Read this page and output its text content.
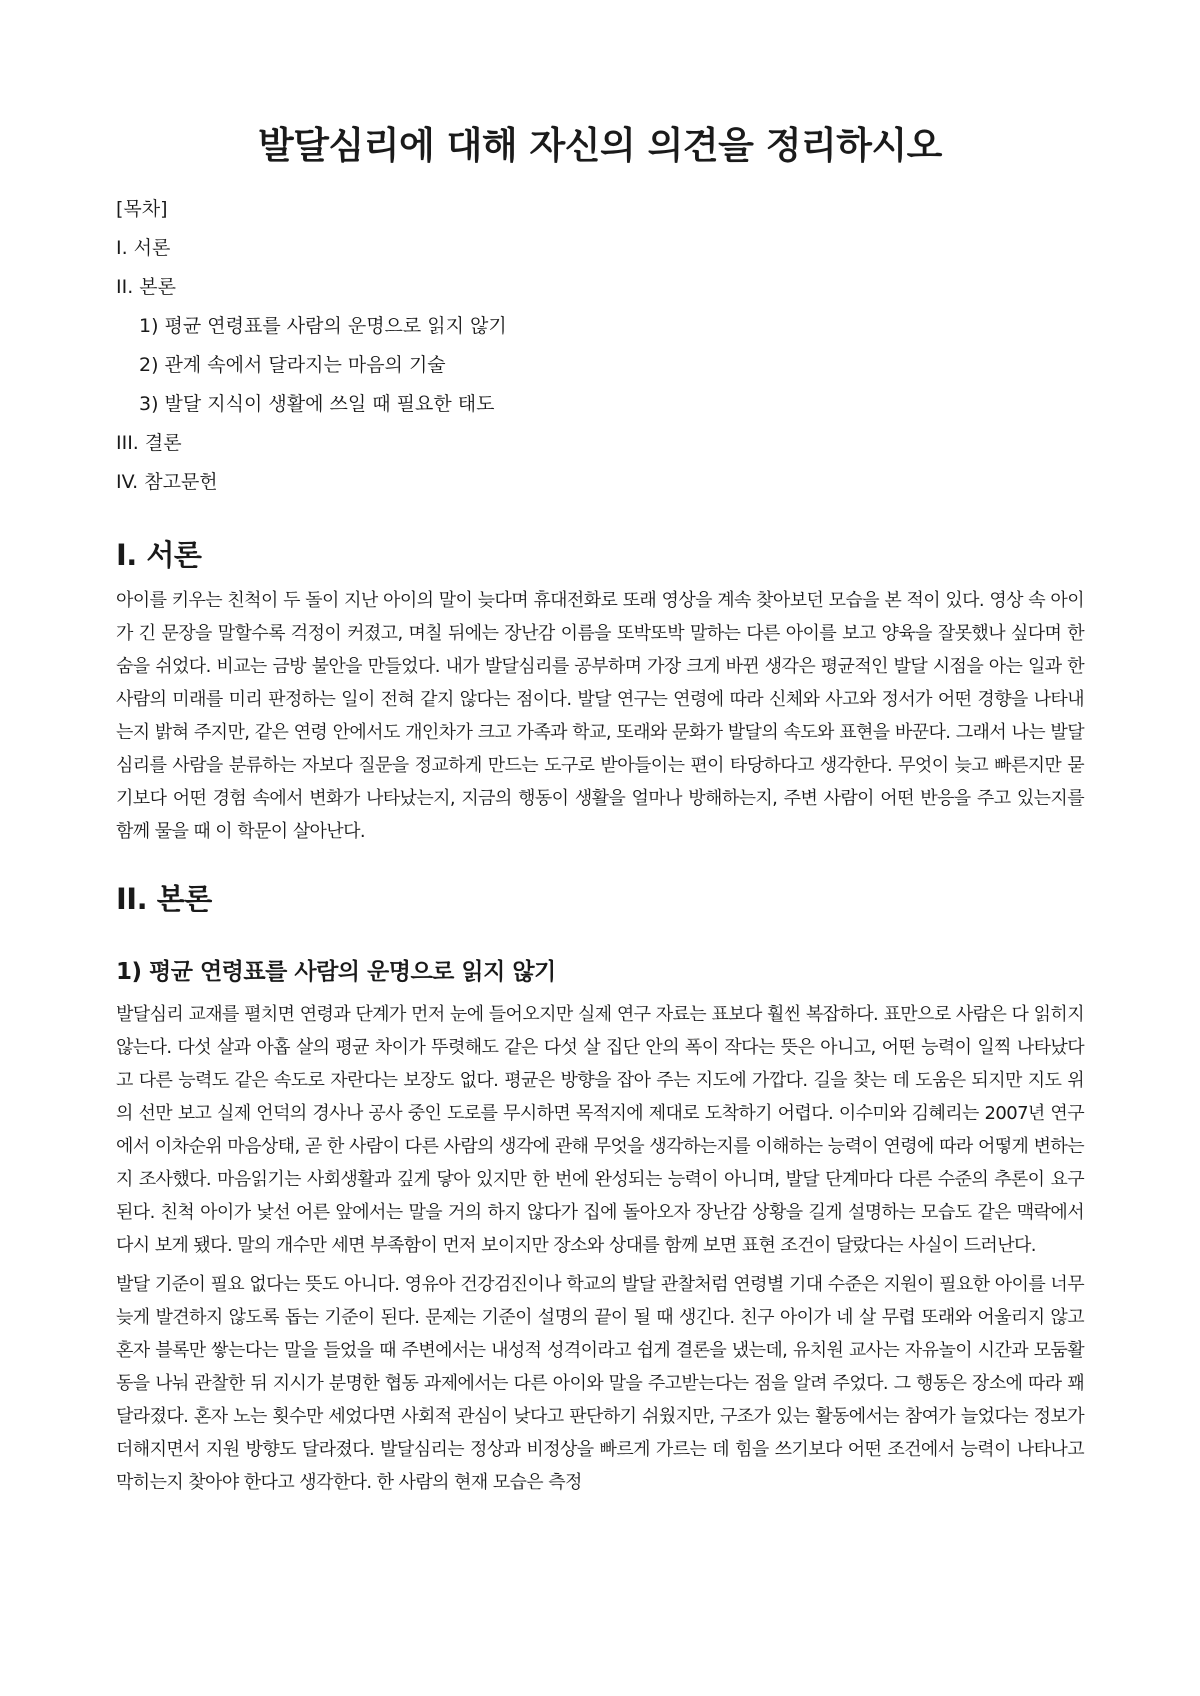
발달심리에 대해 자신의 의견을 정리하시오
[목차]
I. 서론
II. 본론
1) 평균 연령표를 사람의 운명으로 읽지 않기
2) 관계 속에서 달라지는 마음의 기술
3) 발달 지식이 생활에 쓰일 때 필요한 태도
III. 결론
IV. 참고문헌
I. 서론

아이를 키우는 친척이 두 돌이 지난 아이의 말이 늦다며 휴대전화로 또래 영상을 계속 찾아보던 모습을 본 적이 있다. 영상 속 아이가 긴 문장을 말할수록 걱정이 커졌고, 며칠 뒤에는 장난감 이름을 또박또박 말하는 다른 아이를 보고 양육을 잘못했나 싶다며 한숨을 쉬었다. 비교는 금방 불안을 만들었다. 내가 발달심리를 공부하며 가장 크게 바뀐 생각은 평균적인 발달 시점을 아는 일과 한 사람의 미래를 미리 판정하는 일이 전혀 같지 않다는 점이다. 발달 연구는 연령에 따라 신체와 사고와 정서가 어떤 경향을 나타내는지 밝혀 주지만, 같은 연령 안에서도 개인차가 크고 가족과 학교, 또래와 문화가 발달의 속도와 표현을 바꾼다. 그래서 나는 발달심리를 사람을 분류하는 자보다 질문을 정교하게 만드는 도구로 받아들이는 편이 타당하다고 생각한다. 무엇이 늦고 빠른지만 묻기보다 어떤 경험 속에서 변화가 나타났는지, 지금의 행동이 생활을 얼마나 방해하는지, 주변 사람이 어떤 반응을 주고 있는지를 함께 물을 때 이 학문이 살아난다.

II. 본론
1) 평균 연령표를 사람의 운명으로 읽지 않기

발달심리 교재를 펼치면 연령과 단계가 먼저 눈에 들어오지만 실제 연구 자료는 표보다 훨씬 복잡하다. 표만으로 사람은 다 읽히지 않는다. 다섯 살과 아홉 살의 평균 차이가 뚜렷해도 같은 다섯 살 집단 안의 폭이 작다는 뜻은 아니고, 어떤 능력이 일찍 나타났다고 다른 능력도 같은 속도로 자란다는 보장도 없다. 평균은 방향을 잡아 주는 지도에 가깝다. 길을 찾는 데 도움은 되지만 지도 위의 선만 보고 실제 언덕의 경사나 공사 중인 도로를 무시하면 목적지에 제대로 도착하기 어렵다. 이수미와 김혜리는 2007년 연구에서 이차순위 마음상태, 곧 한 사람이 다른 사람의 생각에 관해 무엇을 생각하는지를 이해하는 능력이 연령에 따라 어떻게 변하는지 조사했다. 마음읽기는 사회생활과 깊게 닿아 있지만 한 번에 완성되는 능력이 아니며, 발달 단계마다 다른 수준의 추론이 요구된다. 친척 아이가 낯선 어른 앞에서는 말을 거의 하지 않다가 집에 돌아오자 장난감 상황을 길게 설명하는 모습도 같은 맥락에서 다시 보게 됐다. 말의 개수만 세면 부족함이 먼저 보이지만 장소와 상대를 함께 보면 표현 조건이 달랐다는 사실이 드러난다.

발달 기준이 필요 없다는 뜻도 아니다. 영유아 건강검진이나 학교의 발달 관찰처럼 연령별 기대 수준은 지원이 필요한 아이를 너무 늦게 발견하지 않도록 돕는 기준이 된다. 문제는 기준이 설명의 끝이 될 때 생긴다. 친구 아이가 네 살 무렵 또래와 어울리지 않고 혼자 블록만 쌓는다는 말을 들었을 때 주변에서는 내성적 성격이라고 쉽게 결론을 냈는데, 유치원 교사는 자유놀이 시간과 모둠활동을 나눠 관찰한 뒤 지시가 분명한 협동 과제에서는 다른 아이와 말을 주고받는다는 점을 알려 주었다. 그 행동은 장소에 따라 꽤 달라졌다. 혼자 노는 횟수만 세었다면 사회적 관심이 낮다고 판단하기 쉬웠지만, 구조가 있는 활동에서는 참여가 늘었다는 정보가 더해지면서 지원 방향도 달라졌다. 발달심리는 정상과 비정상을 빠르게 가르는 데 힘을 쓰기보다 어떤 조건에서 능력이 나타나고 막히는지 찾아야 한다고 생각한다. 한 사람의 현재 모습은 측정
